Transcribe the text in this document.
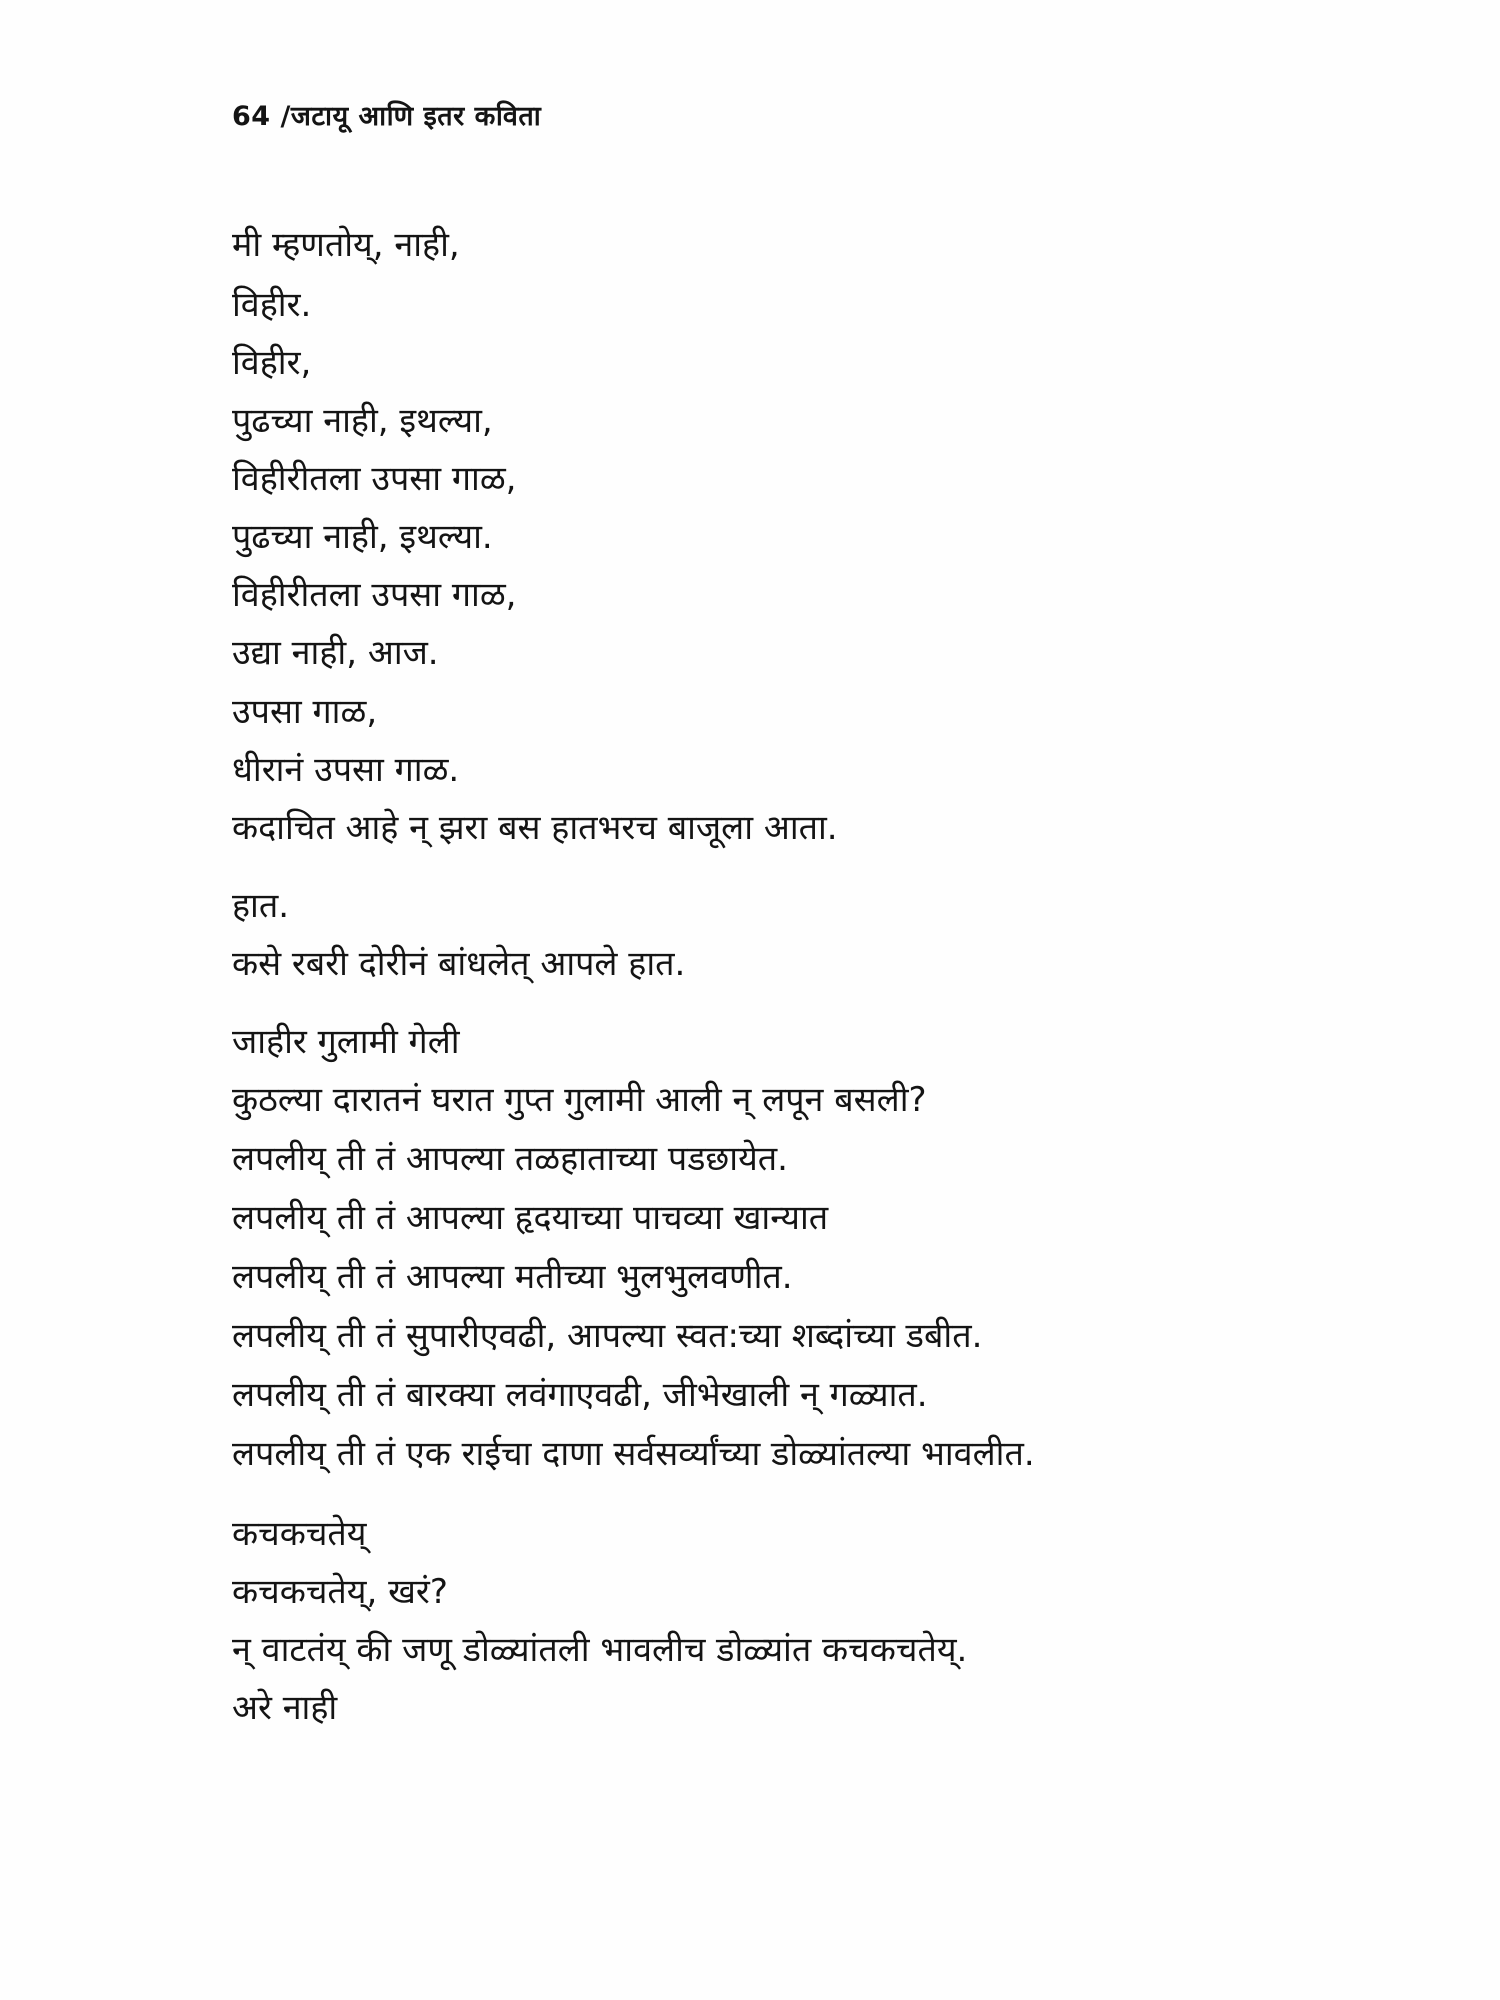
64 /जटायू आणि इतर कविता
मी म्हणतोय्, नाही,
विहीर.
विहीर,
पुढच्या नाही, इथल्या,
विहीरीतला उपसा गाळ,
पुढच्या नाही, इथल्या.
विहीरीतला उपसा गाळ,
उद्या नाही, आज.
उपसा गाळ,
धीरानं उपसा गाळ.
कदाचित आहे न् झरा बस हातभरच बाजूला आता.
हात.
कसे रबरी दोरीनं बांधलेत् आपले हात.
जाहीर गुलामी गेली
कुठल्या दारातनं घरात गुप्त गुलामी आली न् लपून बसली?
लपलीय् ती तं आपल्या तळहाताच्या पडछायेत.
लपलीय् ती तं आपल्या हृदयाच्या पाचव्या खान्यात
लपलीय् ती तं आपल्या मतीच्या भुलभुलवणीत.
लपलीय् ती तं सुपारीएवढी, आपल्या स्वत:च्या शब्दांच्या डबीत.
लपलीय् ती तं बारक्या लवंगाएवढी, जीभेखाली न् गळ्यात.
लपलीय् ती तं एक राईचा दाणा सर्वसर्व्यांच्या डोळ्यांतल्या भावलीत.
कचकचतेय्
कचकचतेय्, खरं?
न् वाटतंय् की जणू डोळ्यांतली भावलीच डोळ्यांत कचकचतेय्.
अरे नाही
